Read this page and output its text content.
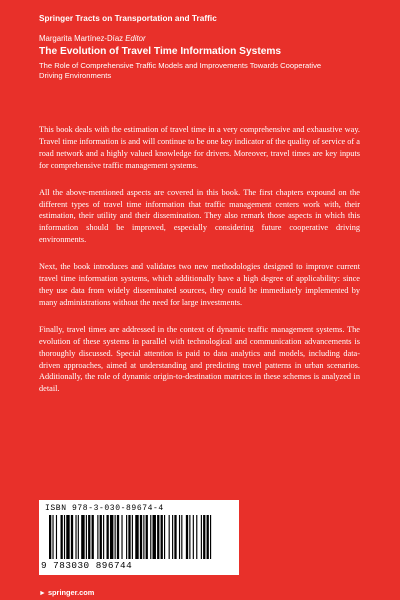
Springer Tracts on Transportation and Traffic
Margarita Martínez-Díaz Editor
The Evolution of Travel Time Information Systems
The Role of Comprehensive Traffic Models and Improvements Towards Cooperative Driving Environments

This book deals with the estimation of travel time in a very comprehensive and exhaustive way. Travel time information is and will continue to be one key indicator of the quality of service of a road network and a highly valued knowledge for drivers. Moreover, travel times are key inputs for comprehensive traffic management systems.

All the above-mentioned aspects are covered in this book. The first chapters expound on the different types of travel time information that traffic management centers work with, their estimation, their utility and their dissemination. They also remark those aspects in which this information should be improved, especially considering future cooperative driving environments.

Next, the book introduces and validates two new methodologies designed to improve current travel time information systems, which additionally have a high degree of applicability: since they use data from widely disseminated sources, they could be immediately implemented by many administrations without the need for large investments.

Finally, travel times are addressed in the context of dynamic traffic management systems. The evolution of these systems in parallel with technological and communication advancements is thoroughly discussed. Special attention is paid to data analytics and models, including data-driven approaches, aimed at understanding and predicting travel patterns in urban scenarios. Additionally, the role of dynamic origin-to-destination matrices in these schemes is analyzed in detail.

ISBN 978-3-030-89674-4
9 783030 896744
► springer.com
